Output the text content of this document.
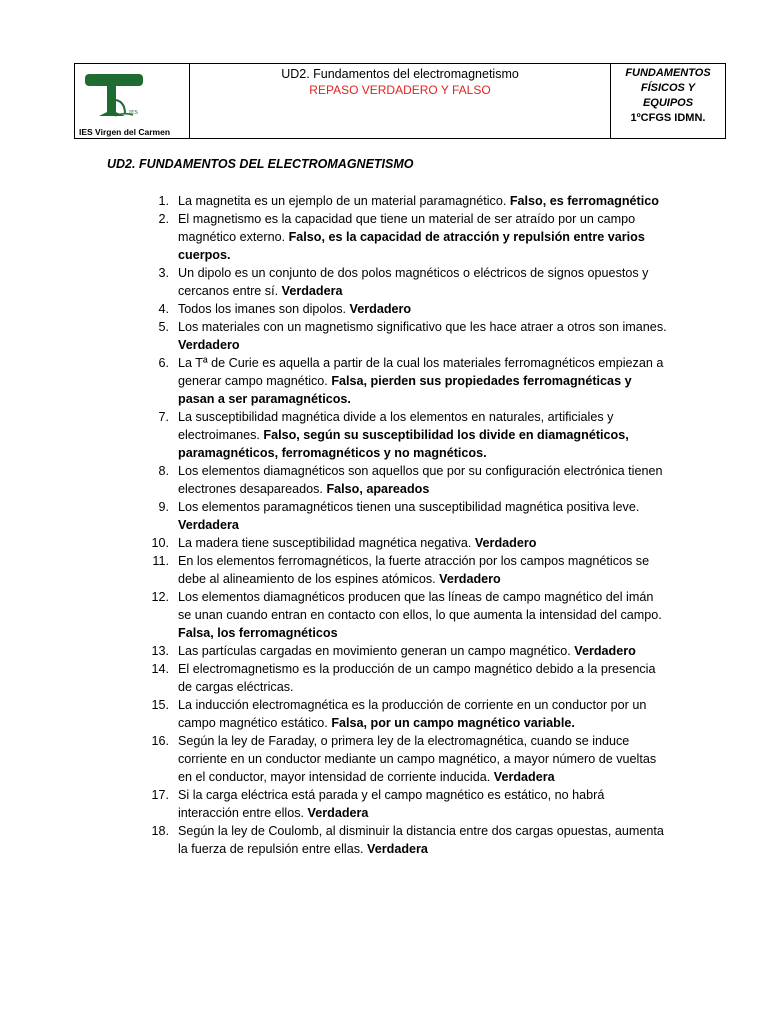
IES
IES Virgen del Carmen

UD2. Fundamentos del electromagnetismo
REPASO VERDADERO Y FALSO

FUNDAMENTOS
FÍSICOS Y
EQUIPOS
1ºCFGS IDMN.
UD2. FUNDAMENTOS DEL ELECTROMAGNETISMO
1. La magnetita es un ejemplo de un material paramagnético. Falso, es ferromagnético
2. El magnetismo es la capacidad que tiene un material de ser atraído por un campo magnético externo. Falso, es la capacidad de atracción y repulsión entre varios cuerpos.
3. Un dipolo es un conjunto de dos polos magnéticos o eléctricos de signos opuestos y cercanos entre sí. Verdadera
4. Todos los imanes son dipolos. Verdadero
5. Los materiales con un magnetismo significativo que les hace atraer a otros son imanes. Verdadero
6. La Tª de Curie es aquella a partir de la cual los materiales ferromagnéticos empiezan a generar campo magnético. Falsa, pierden sus propiedades ferromagnéticas y pasan a ser paramagnéticos.
7. La susceptibilidad magnética divide a los elementos en naturales, artificiales y electroimanes. Falso, según su susceptibilidad los divide en diamagnéticos, paramagnéticos, ferromagnéticos y no magnéticos.
8. Los elementos diamagnéticos son aquellos que por su configuración electrónica tienen electrones desapareados. Falso, apareados
9. Los elementos paramagnéticos tienen una susceptibilidad magnética positiva leve. Verdadera
10. La madera tiene susceptibilidad magnética negativa. Verdadero
11. En los elementos ferromagnéticos, la fuerte atracción por los campos magnéticos se debe al alineamiento de los espines atómicos. Verdadero
12. Los elementos diamagnéticos producen que las líneas de campo magnético del imán se unan cuando entran en contacto con ellos, lo que aumenta la intensidad del campo. Falsa, los ferromagnéticos
13. Las partículas cargadas en movimiento generan un campo magnético. Verdadero
14. El electromagnetismo es la producción de un campo magnético debido a la presencia de cargas eléctricas.
15. La inducción electromagnética es la producción de corriente en un conductor por un campo magnético estático. Falsa, por un campo magnético variable.
16. Según la ley de Faraday, o primera ley de la electromagnética, cuando se induce corriente en un conductor mediante un campo magnético, a mayor número de vueltas en el conductor, mayor intensidad de corriente inducida. Verdadera
17. Si la carga eléctrica está parada y el campo magnético es estático, no habrá interacción entre ellos. Verdadera
18. Según la ley de Coulomb, al disminuir la distancia entre dos cargas opuestas, aumenta la fuerza de repulsión entre ellas. Verdadera
